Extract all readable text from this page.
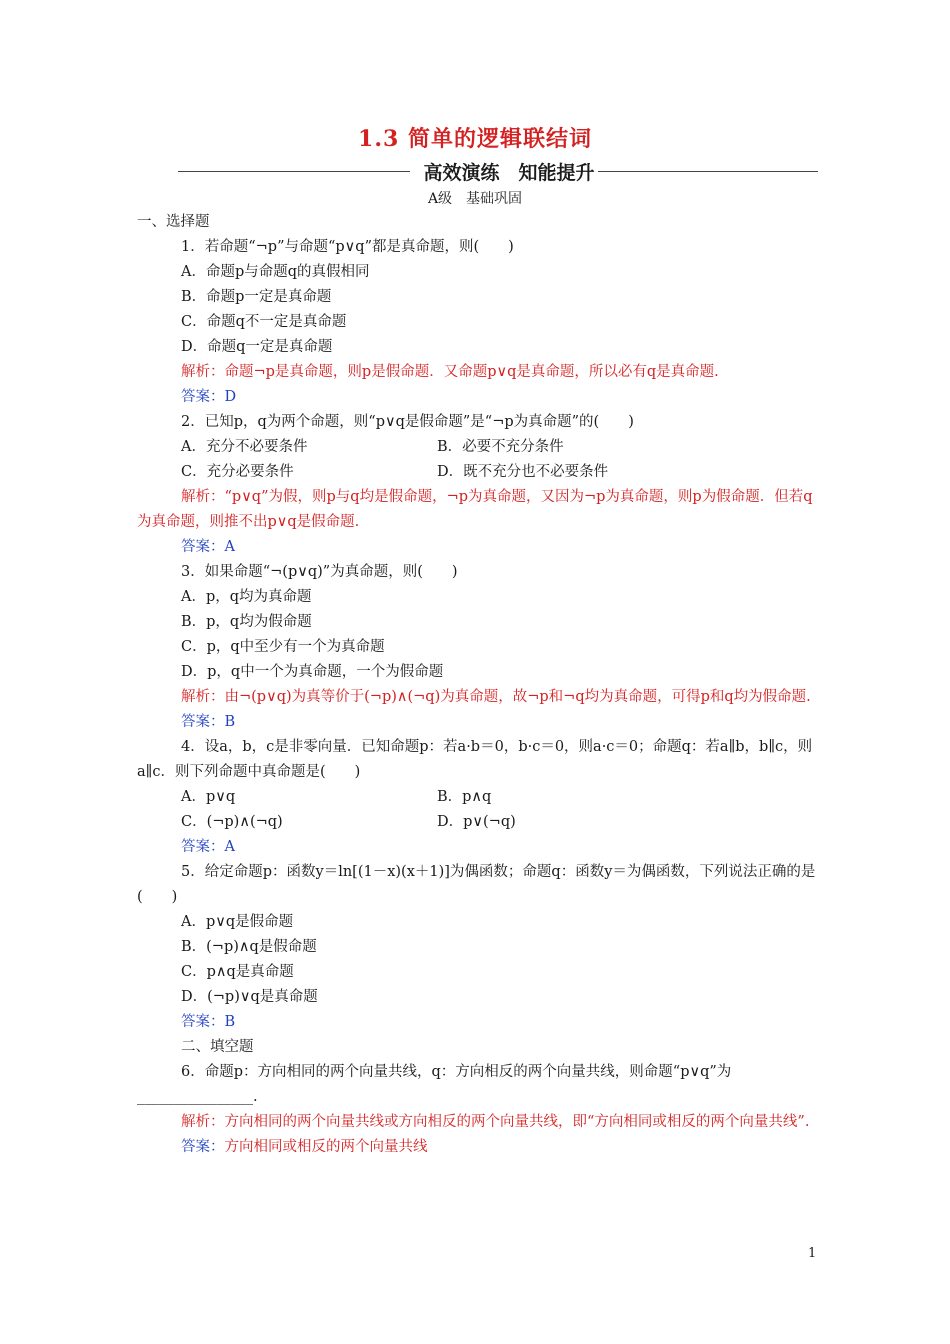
1.3 简单的逻辑联结词
高效演练　知能提升
A级　基础巩固
一、选择题
1．若命题“¬p”与命题“p∨q”都是真命题，则(　　)
A．命题p与命题q的真假相同
B．命题p一定是真命题
C．命题q不一定是真命题
D．命题q一定是真命题
解析：命题¬p是真命题，则p是假命题．又命题p∨q是真命题，所以必有q是真命题.
答案：D
2．已知p，q为两个命题，则“p∨q是假命题”是“¬p为真命题”的(　　)
A．充分不必要条件	B．必要不充分条件
C．充分必要条件	D．既不充分也不必要条件
解析：“p∨q”为假，则p与q均是假命题，¬p为真命题，又因为¬p为真命题，则p为假命题．但若q为真命题，则推不出p∨q是假命题.
答案：A
3．如果命题“¬(p∨q)”为真命题，则(　　)
A．p，q均为真命题
B．p，q均为假命题
C．p，q中至少有一个为真命题
D．p，q中一个为真命题，一个为假命题
解析：由¬(p∨q)为真等价于(¬p)∧(¬q)为真命题，故¬p和¬q均为真命题，可得p和q均为假命题.
答案：B
4．设a，b，c是非零向量．已知命题p：若a·b＝0，b·c＝0，则a·c＝0；命题q：若a∥b，b∥c，则a∥c．则下列命题中真命题是(　　)
A．p∨q	B．p∧q
C．(¬p)∧(¬q)	D．p∨(¬q)
答案：A
5．给定命题p：函数y＝ln[(1－x)(x＋1)]为偶函数；命题q：函数y＝为偶函数，下列说法正确的是(　　)
A．p∨q是假命题
B．(¬p)∧q是假命题
C．p∧q是真命题
D．(¬p)∨q是真命题
答案：B
二、填空题
6．命题p：方向相同的两个向量共线，q：方向相反的两个向量共线，则命题“p∨q”为________________.
解析：方向相同的两个向量共线或方向相反的两个向量共线，即“方向相同或相反的两个向量共线”.
答案：方向相同或相反的两个向量共线
1
